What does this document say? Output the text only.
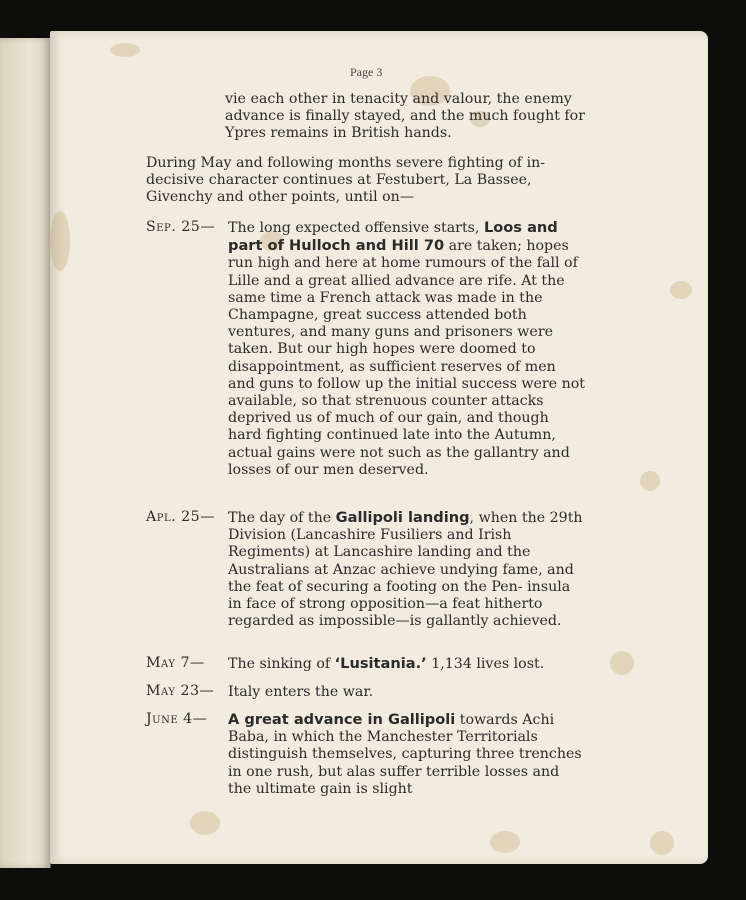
Page 3

vie each other in tenacity and valour, the enemy advance is finally stayed, and the much fought for Ypres remains in British hands.

During May and following months severe fighting of in- decisive character continues at Festubert, La Bassee, Givenchy and other points, until on—

Sep. 25— The long expected offensive starts, Loos and part of Hulloch and Hill 70 are taken; hopes run high and here at home rumours of the fall of Lille and a great allied advance are rife. At the same time a French attack was made in the Champagne, great success attended both ventures, and many guns and prisoners were taken. But our high hopes were doomed to disappointment, as sufficient reserves of men and guns to follow up the initial success were not available, so that strenuous counter attacks deprived us of much of our gain, and though hard fighting continued late into the Autumn, actual gains were not such as the gallantry and losses of our men deserved.

Apl. 25— The day of the Gallipoli landing, when the 29th Division (Lancashire Fusiliers and Irish Regiments) at Lancashire landing and the Australians at Anzac achieve undying fame, and the feat of securing a footing on the Pen- insula in face of strong opposition—a feat hitherto regarded as impossible—is gallantly achieved.

May 7— The sinking of ‘Lusitania.’ 1,134 lives lost.

May 23— Italy enters the war.

June 4— A great advance in Gallipoli towards Achi Baba, in which the Manchester Territorials distinguish themselves, capturing three trenches in one rush, but alas suffer terrible losses and the ultimate gain is slight
